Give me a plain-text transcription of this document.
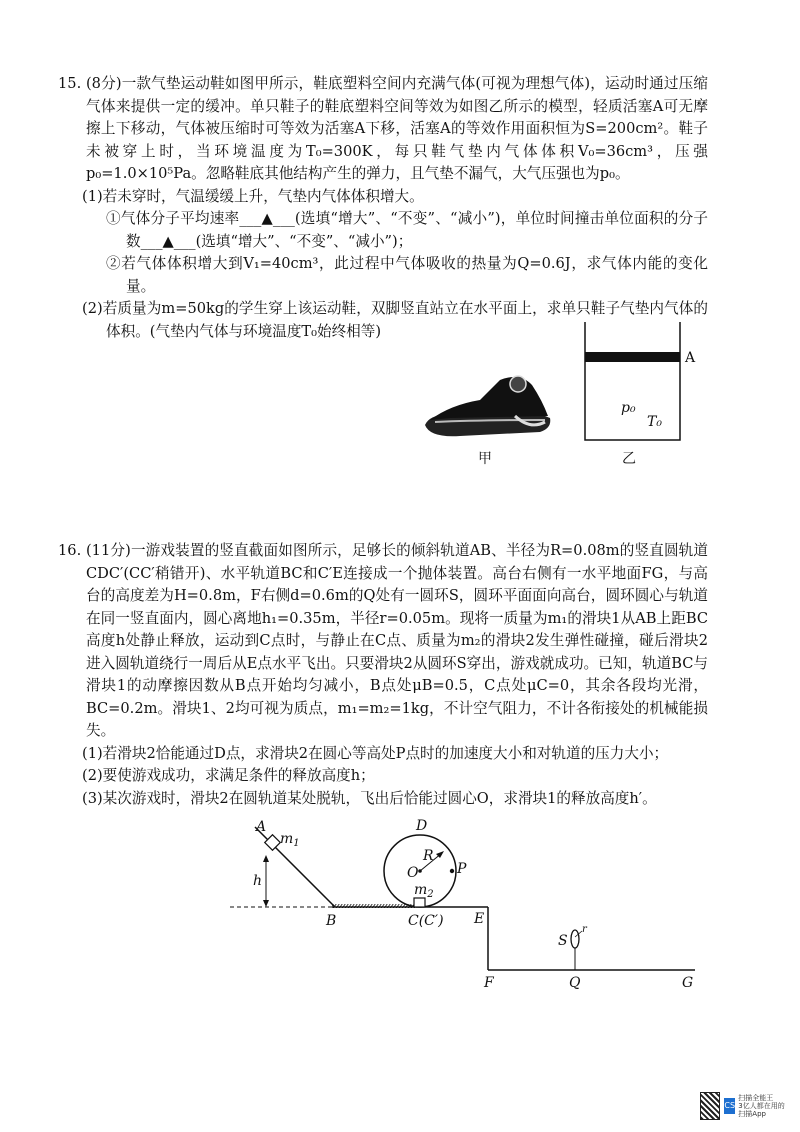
15. (8分)一款气垫运动鞋如图甲所示，鞋底塑料空间内充满气体(可视为理想气体)，运动时通过压缩气体来提供一定的缓冲。单只鞋子的鞋底塑料空间等效为如图乙所示的模型，轻质活塞A可无摩擦上下移动，气体被压缩时可等效为活塞A下移，活塞A的等效作用面积恒为S=200cm²。鞋子未被穿上时，当环境温度为T₀=300K，每只鞋气垫内气体体积V₀=36cm³，压强p₀=1.0×10⁵Pa。忽略鞋底其他结构产生的弹力，且气垫不漏气，大气压强也为p₀。

(1)若未穿时，气温缓缓上升，气垫内气体体积增大。

①气体分子平均速率___▲___(选填“增大”、“不变”、“减小”)，单位时间撞击单位面积的分子数___▲___(选填“增大”、“不变”、“减小”)；

②若气体体积增大到V₁=40cm³，此过程中气体吸收的热量为Q=0.6J，求气体内能的变化量。

(2)若质量为m=50kg的学生穿上该运动鞋，双脚竖直站立在水平面上，求单只鞋子气垫内气体的体积。(气垫内气体与环境温度T₀始终相等)

甲
A
p₀
T₀
乙

16. (11分)一游戏装置的竖直截面如图所示，足够长的倾斜轨道AB、半径为R=0.08m的竖直圆轨道CDC′(CC′稍错开)、水平轨道BC和C′E连接成一个抛体装置。高台右侧有一水平地面FG，与高台的高度差为H=0.8m，F右侧d=0.6m的Q处有一圆环S，圆环平面面向高台，圆环圆心与轨道在同一竖直面内，圆心离地h₁=0.35m，半径r=0.05m。现将一质量为m₁的滑块1从AB上距BC高度h处静止释放，运动到C点时，与静止在C点、质量为m₂的滑块2发生弹性碰撞，碰后滑块2进入圆轨道绕行一周后从E点水平飞出。只要滑块2从圆环S穿出，游戏就成功。已知，轨道BC与滑块1的动摩擦因数从B点开始均匀减小，B点处μB=0.5，C点处μC=0，其余各段均光滑，BC=0.2m。滑块1、2均可视为质点，m₁=m₂=1kg，不计空气阻力，不计各衔接处的机械能损失。

(1)若滑块2恰能通过D点，求滑块2在圆心等高处P点时的加速度大小和对轨道的压力大小；

(2)要使游戏成功，求满足条件的释放高度h；

(3)某次游戏时，滑块2在圆轨道某处脱轨，飞出后恰能过圆心O，求滑块1的释放高度h′。

A
$m_1$
h
B	C(C′)
D
R
O	P
$m_2$
E
F	Q	G
S
r
CS
扫描全能王
3亿人都在用的扫描App
